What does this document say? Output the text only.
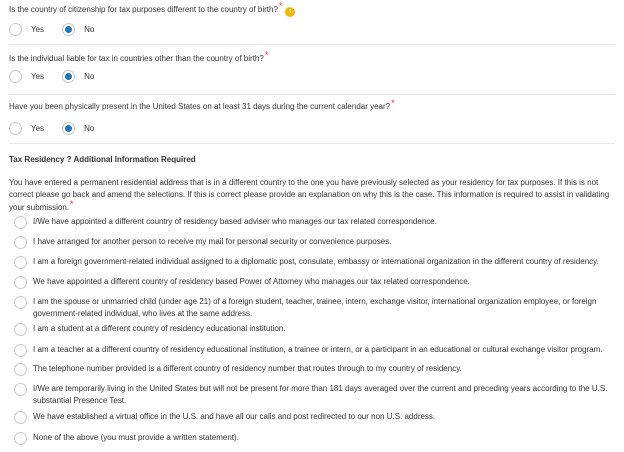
Is the country of citizenship for tax purposes different to the country of birth?*i
Yes	No
Is the individual liable for tax in countries other than the country of birth?*
Yes	No
Have you been physically present in the United States on at least 31 days during the current calendar year?*
Yes	No
Tax Residency ? Additional Information Required
You have entered a permanent residential address that is in a different country to the one you have previously selected as your residency for tax purposes. If this is not correct please go back and amend the selections. If this is correct please provide an explanation on why this is the case. This information is required to assist in validating your submission.*
I/We have appointed a different country of residency based adviser who manages our tax related correspondence.
I have arranged for another person to receive my mail for personal security or convenience purposes.
I am a foreign government-related individual assigned to a diplomatic post, consulate, embassy or international organization in the different country of residency.
We have appointed a different country of residency based Power of Attorney who manages our tax related correspondence.
I am the spouse or unmarried child (under age 21) of a foreign student, teacher, trainee, intern, exchange visitor, international organization employee, or foreign government-related individual, who lives at the same address.
I am a student at a different country of residency educational institution.
I am a teacher at a different country of residency educational institution, a trainee or intern, or a participant in an educational or cultural exchange visitor program.
The telephone number provided is a different country of residency number that routes through to my country of residency.
I/We are temporarily living in the United States but will not be present for more than 181 days averaged over the current and preceding years according to the U.S. substantial Presence Test.
We have established a virtual office in the U.S. and have all our calls and post redirected to our non U.S. address.
None of the above (you must provide a written statement).
